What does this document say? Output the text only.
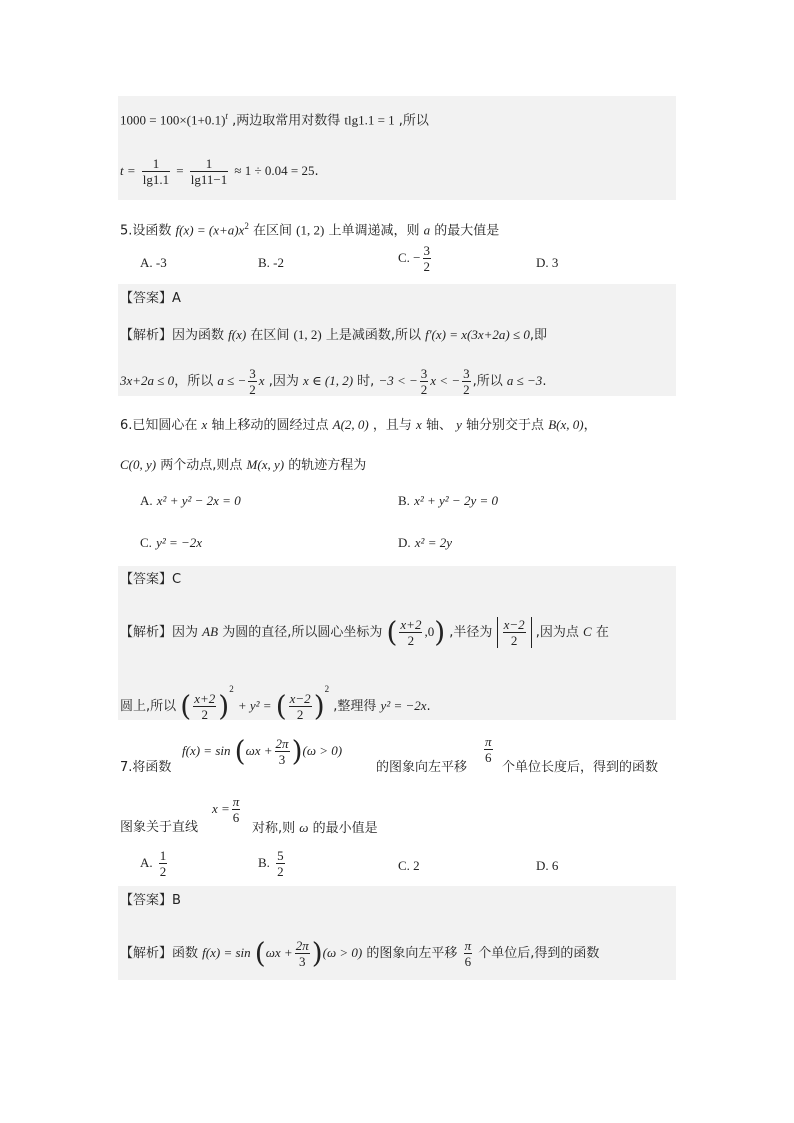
$1000 = 100\times(1+0.1)^t$ ,两边取常用对数得 tlg1.1 = 1 ,所以
$t = \frac{1}{\lg 1.1} = \frac{1}{\lg 11-1} \approx 1 \div 0.04 = 25$.
5.设函数 $f(x) = (x+a)x^2$ 在区间 (1, 2) 上单调递减，则 a 的最大值是
A. -3	B. -2	C. − $\frac{3}{2}$	D. 3
【答案】A
【解析】因为函数 f(x) 在区间 (1, 2) 上是减函数,所以 f′(x) = x(3x+2a) ≤ 0,即
3x+2a ≤ 0，所以 a ≤ − $\frac{3}{2}$ x ,因为 x ∈ (1, 2) 时, −3 < − $\frac{3}{2}$ x < − $\frac{3}{2}$ ,所以 a ≤ −3.
6.已知圆心在 x 轴上移动的圆经过点 A(2, 0) ，且与 x 轴、 y 轴分别交于点 B(x, 0)，
C(0, y) 两个动点,则点 M(x, y) 的轨迹方程为
A. x² + y² − 2x = 0	B. x² + y² − 2y = 0
C. y² = −2x	D. x² = 2y
【答案】C
【解析】因为 AB 为圆的直径,所以圆心坐标为 ( $\frac{x+2}{2} ,0$) ,半径为 $\frac{x-2}{2}$ ,因为点 C 在
圆上,所以 ( $\frac{x+2}{2} )^2 + y^2$ = ( $\frac{x-2}{2} )^2$ ,整理得 y² = −2x.
$f(x) = \sin (\omega x + \frac{2\pi}{3} )(\omega > 0)$
7.将函数	的图象向左平移
$\frac{\pi}{6}$
个单位长度后，得到的函数
图象关于直线
$x = \frac{\pi}{6}$
对称,则 ω 的最小值是
A. $\frac{1}{2}$	B. $\frac{5}{2}$	C. 2	D. 6
【答案】B
【解析】函数 $f(x) = \sin (\omega x + \frac{2\pi}{3} )(\omega > 0)$ 的图象向左平移 $\frac{\pi}{6}$ 个单位后,得到的函数
